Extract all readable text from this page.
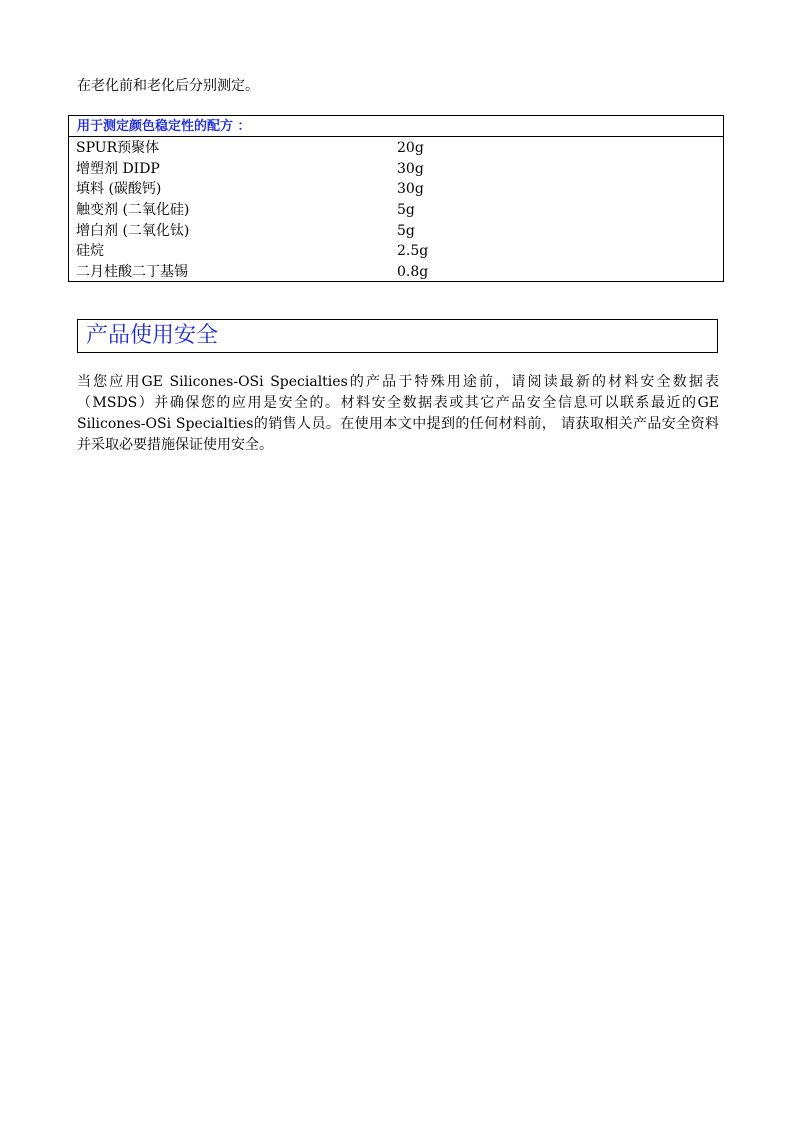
在老化前和老化后分别测定。

用于测定颜色稳定性的配方 ：
SPUR预聚体	20g
增塑剂 DIDP	30g
填料 (碳酸钙)	30g
触变剂 (二氧化硅)	5g
增白剂 (二氧化钛)	5g
硅烷	2.5g
二月桂酸二丁基锡	0.8g
产品使用安全

当您应用GE Silicones-OSi Specialties的产品于特殊用途前，请阅读最新的材料安全数据表（MSDS）并确保您的应用是安全的。材料安全数据表或其它产品安全信息可以联系最近的GE Silicones-OSi Specialties的销售人员。在使用本文中提到的任何材料前， 请获取相关产品安全资料并采取必要措施保证使用安全。
